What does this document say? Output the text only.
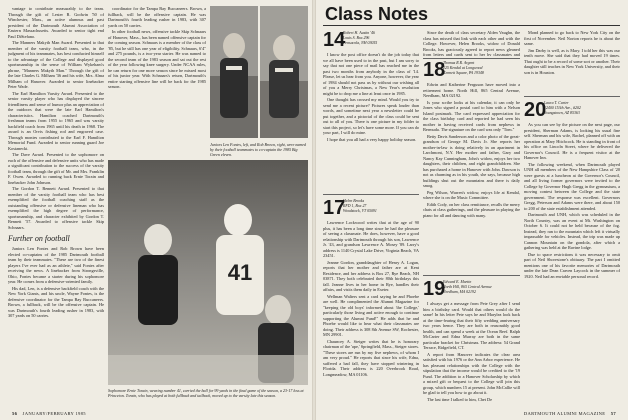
vantage to contribute measurably to the team. Through the gift of Lester R. Godwin '50 of Winchester, Mass., an active alumnus and past president of the Dartmouth Alumni Association of Eastern Massachusetts. Awarded to senior tight end Paul DiStefano.

The Manners Makyth Man Award. Presented to that member of the varsity football team, who, in the judgment of his teammates, has best conducted himself to the advantage of the College and displayed good sportsmanship in the sense of William Wykeham's phrase, "Manners Makyth Man." Through the gift of the late Charles G. Milham '36 and his wife, Mrs. Alma Milham of Hanover. Awarded to senior linebacker Peter Wade.

The Earl Hamilton Varsity Award. Presented to the senior varsity player who has displayed the sincere friendliness and sense of humor plus an appreciation of the outdoors that were the late Earl Hamilton's characteristics. Hamilton coached Dartmouth's freshman teams from 1955 to 1965 and was varsity backfield coach from 1965 until his death in 1968. The award is an Orvis fishing rod and engraved case. Through monies contributed to the Earl F. Hamilton Memorial Fund. Awarded to senior running guard Joe Kostanecki.

The Dave Award. Presented to the sophomore on each of the offensive and defensive units who has made a significant contribution to the success of the varsity football team, through the gift of Mr. and Mrs. Franklin F. Owen. Awarded to running back Ernie Torain and linebacker John Johnson.

The Gordon T. Bennett Award. Presented to that member of the varsity football team who has best exemplified the football coaching staff as the outstanding offensive or defensive lineman who has exemplified the high degree of performance, sportsmanship, and character exhibited by Gordon T. Bennett '57. Awarded to offensive tackle Skip Schnaars.

Further on football

Juniors Len Fontes and Rob Brown have been elected co-captains of the 1985 Dartmouth football team by their teammates. "These are two of the finest players I've ever had as an athlete," said Fontes after receiving the news. A linebacker from Strongsville, Ohio, Fontes became a starter during his sophomore year. He comes from a defensive-oriented family.

His dad, Len, is a defensive backfield coach with the New York Giants, and his uncle, Wayne Fontes, is the defensive coordinator for the Tampa Bay Buccaneers. Brown, a fullback, will be the offensive captain. He was Dartmouth's fourth leading rusher in 1983, with 307 yards on 50 carries.

coordinator for the Tampa Bay Buccaneers. Brown, a fullback, will be the offensive captain. He was Dartmouth's fourth leading rusher in 1983, with 307 yards on 50 carries.

In other football news, offensive tackle Skip Schnaars of Hanover, Mass., has been named offensive captain for the coming season. Schnaars is a member of the class of '85, but he still has one year of eligibility. Schnaars, 6'4" and 275 pounds, is a two-year starter. He was named to the second team of the 1983 season and sat out the rest of the year following knee surgery. Under NCAA rules, he can return for one more season since he missed most of his junior year. With Schnaars's return, Dartmouth's entire starting offensive line will be back for the 1985 season.

Juniors Len Fontes, left, and Rob Brown, right, were named by their football teammates to co-captain the 1985 Big Green eleven.
41
Sophomore Ernie Torain, wearing number 41, carried the ball for 99 yards in the final game of the season, a 23-17 loss at Princeton. Torain, who has played at both fullback and tailback, moved up to the varsity late this season.
56 JANUARY/FEBRUARY 1985
Class Notes
14
Robert H. Austin '46
Louis S. Box 296
Pensacola, NH 03055

I know the post office doesn't do the job today that we all have been used to in the past, but I am sorry to say that not one piece of mail has reached me in the past two months from anybody in the class of '14. Please, let us hear from you. Anyone, however, the year of 1984 should not pass us by without our wishing all of you a Merry Christmas, a New Year's resolution might be to drop me a line at least once in 1985.

One thought has crossed my mind. Would you try to send me a recent picture? Pictures speak louder than words, and sometime next year a newsletter could be put together, and a pictorial of the class could be sent out to all of you. There is one picture in my folder to start this project, so let's have some more. If you can do your part, I will do mine.

I hope that you all had a very happy holiday season.

17
Helen Brooks
RFD 1, Box 27
Woodstock, VT 05091

Lawrence Lockwood writes that at the age of 90 plus, it has been a long time since he had the pleasure of seeing a classmate. He does, however, have a good relationship with Dartmouth through his son, Lawrence Jr. '43, and grandson Lawrence A. Mosey '89. Larry's address is 1140 Crystal Lake Drive, Virginia Beach, VA 23451.

Jeanne Gordon, granddaughter of Henry A. Logan, reports that her mother and father are at Kent Residence, and her address is Box 27, Rye Beach, NH 03871. They both celebrated their 80th birthdays this fall. Jeanne lives in her home in Rye, handles their affairs, and visits them daily in Exeter.

Wellman Walters sent a card saying he and Phoebe are well. He complimented the Alumni Magazine for "keeping the old boys' informed about 'the College,' particularly those living and active enough to continue supporting the Alumni Fund!" He adds that he and Phoebe would like to hear what their classmates are doing. Their address is 308 8th Avenue SW, Rochester, MN 29901.

Chauncey A. Steiger writes that he is honorary chairman of the 'ape,' Springfield, Mass., Steiger stores. "These stores are run by my five nephews, of whom I am very proud." He reports that since his wife, Edna, suffered a bad fall, they have stopped wintering in Florida. Their address is 220 Overbrook Road, Longmeadow, MA 01106.

Since the death of class secretary Alden Vaughn, the class has missed that link with each other and with the College. However, Helen Brooks, widow of Donald Brooks, has graciously agreed to report news gleaned from letters and cards sent to her by classmates and

18
Thomas R.R. Argent
225 Kendal at Longwood
Kennett Square, PA 19348

Edwin and Katherine Ferguson have moved into a retirement home. North Hill, 865 Central Avenue, Needham, MA 02192.

Is your scribe looks at his calendar, it can only be Jones who signed a postal card to him with a Nelson Island postmark. The card expressed appreciation for the class birthday card and reported he had seen his mother in having received cards from nephews in Bermuda. The signature on the card was only "Tom."

Betty Davis Sanderson and a color photo of the great-grandson of George M. Davis Jr. She reports her mother-in-law is doing relatively in an apartment in Larchmont, N.Y. Her mother and father, Gary and Nancy Kay Cunningham, John's widow, enjoys her two daughters, their children, and eight grandchildren. She has purchased a home in Hanover with John. Dawson is not as charming as in his youth, she says, because high buildings shut out the mountains and there is daily smog.

Peg Wilson, Warren's widow, enjoys life at Kendal, where she is on the Music Committee.

Edith Cody, on her class remittance, recalls the merry chats at class gatherings, and the pleasure in playing the piano for all and dancing with many.

19
Edward E. Martin
North Hill, 865 Central Avenue
Needham, MA 02192

I always get a message from Pete Grey after I send him a birthday card. Would that others would do the same! In his letter Pete says he and Marylea look back at the time-fearing that their fifty wedding anniversary two years hence. They are both in reasonably good health, and can spend a week at the Ocean Reef. Ralph McCarter and Edna Murray are both in the same particular bracket for Christmas. The address: 54 Grand Terrace, Ridgefield, CT.

A report from Hanover indicates the clear area satisfied with his 1976 or the Ann Arbor experience. He has pleasant relationships with the College with the stipulation that the income would be credited to the '19 Fund. The addition to a Hanover Scholarship by which a mixed gift or bequest to the College will join this group, which numbers 15 at present. John McCallie will be glad to tell you how to go about it.

The last time I talked to him, Chet De

Mond planned to go back to New York City on the first of November. Neil Norton reports he is about the same.

Jim Darby is well, as is Mary. I told her this was our tenth move. She said that they had moved 19 times. That ought to be a record of some sort or another. Their daughter still teaches in New York University, and their son is in Houston.

20
Laura T. Carter
12400 153th Ave., #202
Youngstown, AZ 85363

As you can see by the picture on the next page, our president, Sherman Adams, is looking his usual fine self. Sherman and his wife, Rachel, planned off with an operation at Mary Hitchcock. He is standing in front of his office on Lincoln Street, where he delivered the Governor's Council. He is a frequent visitor at the Hanover Inn.

The following weekend, when Dartmouth played UNH all members of the New Hampshire Class of '20 were guests at a luncheon at the Governor's Council, and all living former governors were invited to the College by Governor Hugh Gregg in the gymnasium, a moving contest between the College and the state government. The response was excellent. Governors Gregg, Peterson and Adams were there, and about 150 to 200 of the state establishment attended.

Dartmouth and UNH, which was scheduled in the North Country, was an event at Mt. Washington on October 6. It could not be held because of the fog. Instead, they ran to the mountain which left it virtually impassable for vehicles. Instead, the trip was made up Cannon Mountain on the gondola, after which a gathering was held at the Ravine lodge.

Due to space restrictions it was necessary to omit part of Neil Shorestone's obituary. The part I omitted mentions one of his favorite memories of Dartmouth under the late Dean Craven Laycock in the summer of 1920. Neil had an enviable personal record.

DARTMOUTH ALUMNI MAGAZINE 57
